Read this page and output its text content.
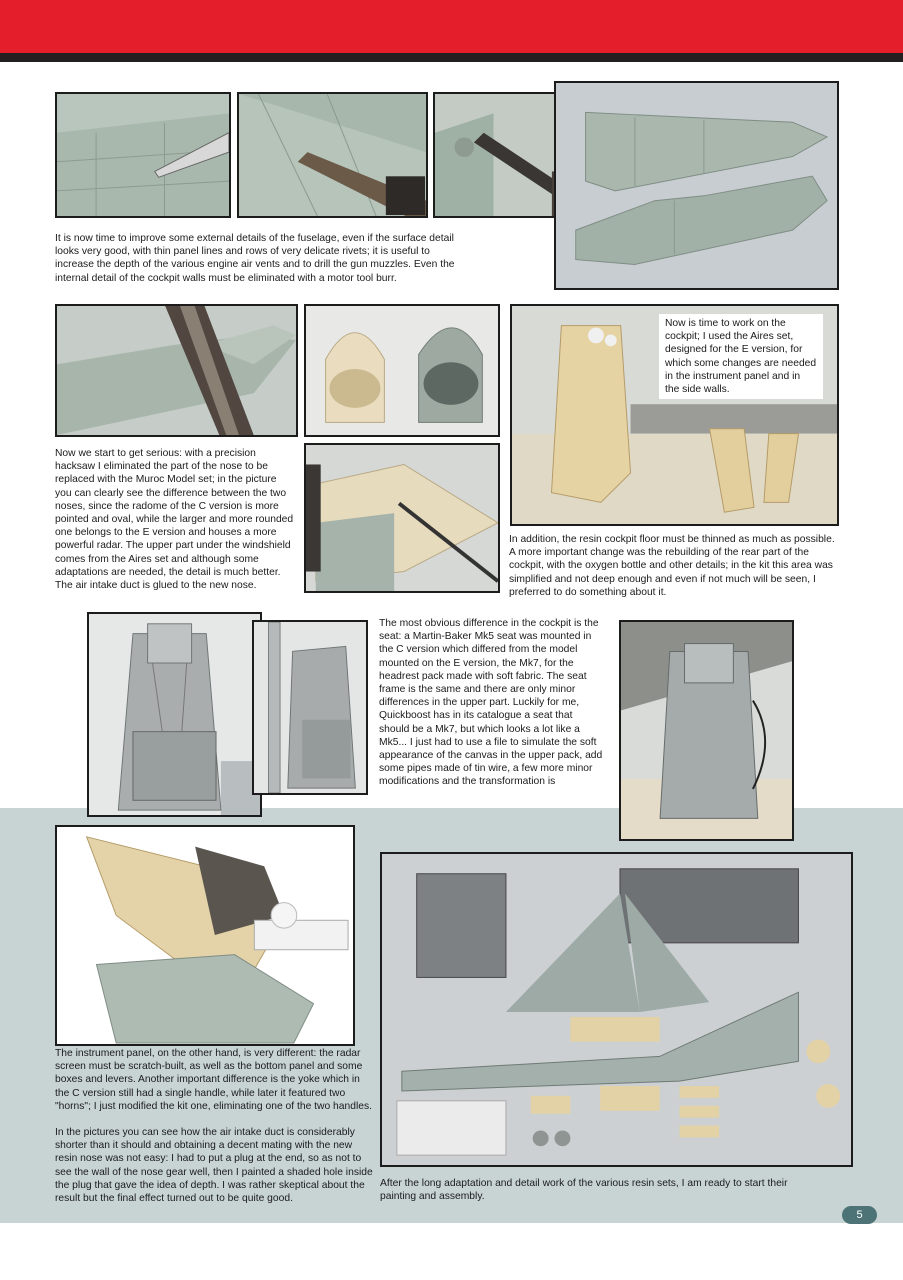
It is now time to improve some external details of the fuselage, even if the surface detail looks very good, with thin panel lines and rows of very delicate rivets; it is useful to increase the depth of the various engine air vents and to drill the gun muzzles. Even the internal detail of the cockpit walls must be eliminated with a motor tool burr.

Now is time to work on the cockpit; I used the Aires set, designed for the E version, for which some changes are needed in the instrument panel and in the side walls.

Now we start to get serious: with a precision hacksaw I eliminated the part of the nose to be replaced with the Muroc Model set; in the picture you can clearly see the difference between the two noses, since the radome of the C version is more pointed and oval, while the larger and more rounded one belongs to the E version and houses a more powerful radar. The upper part under the windshield comes from the Aires set and although some adaptations are needed, the detail is much better. The air intake duct is glued to the new nose.

In addition, the resin cockpit floor must be thinned as much as possible. A more important change was the rebuilding of the rear part of the cockpit, with the oxygen bottle and other details; in the kit this area was simplified and not deep enough and even if not much will be seen, I preferred to do something about it.

The most obvious difference in the cockpit is the seat: a Martin-Baker Mk5 seat was mounted in the C version which differed from the model mounted on the E version, the Mk7, for the headrest pack made with soft fabric. The seat frame is the same and there are only minor differences in the upper part. Luckily for me, Quickboost has in its catalogue a seat that should be a Mk7, but which looks a lot like a Mk5... I just had to use a file to simulate the soft appearance of the canvas in the upper pack, add some pipes made of tin wire, a few more minor modifications and the transformation is

The instrument panel, on the other hand, is very different: the radar screen must be scratch-built, as well as the bottom panel and some boxes and levers. Another important difference is the yoke which in the C version still had a single handle, while later it featured two "horns"; I just modified the kit one, eliminating one of the two handles.

In the pictures you can see how the air intake duct is considerably shorter than it should and obtaining a decent mating with the new resin nose was not easy: I had to put a plug at the end, so as not to see the wall of the nose gear well, then I painted a shaded hole inside the plug that gave the idea of depth. I was rather skeptical about the result but the final effect turned out to be quite good.

After the long adaptation and detail work of the various resin sets, I am ready to start their painting and assembly.

5
